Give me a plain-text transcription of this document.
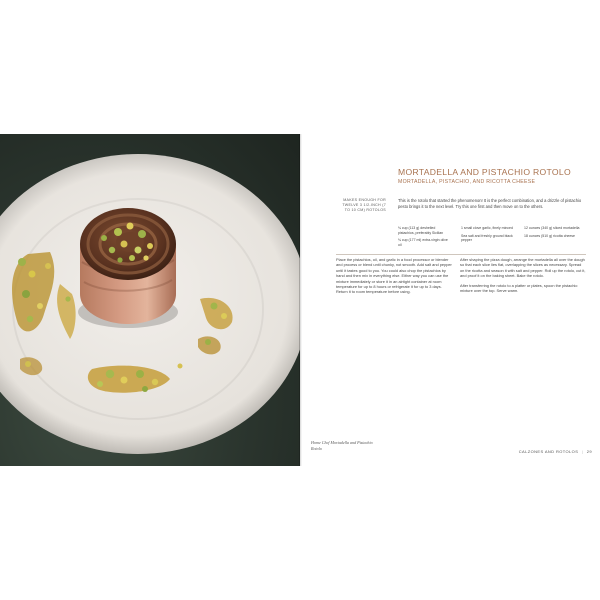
MORTADELLA AND PISTACHIO ROTOLO
MORTADELLA, PISTACHIO, AND RICOTTA CHEESE
MAKES ENOUGH FOR TWELVE 3 1/2-INCH (7 TO 10 CM) ROTOLOS
This is the rotolo that started the phenomenon! It is the perfect combination, and a drizzle of pistachio pesto brings it to the next level. Try this one first and then move on to the others.
¾ cup (113 g) deshelled pistachios, preferably Sicilian
¾ cup (177 ml) extra-virgin olive oil
1 small clove garlic, finely minced
Sea salt and freshly ground black pepper
12 ounces (340 g) sliced mortadella
18 ounces (510 g) ricotta cheese

Place the pistachios, oil, and garlic in a food processor or blender and process or blend until chunky, not smooth. Add salt and pepper until it tastes good to you. You could also chop the pistachios by hand and then mix in everything else. Either way you can use the mixture immediately or store it in an airtight container at room temperature for up to 8 hours or refrigerate it for up to 3 days. Return it to room temperature before using.

After shaping the pizza dough, arrange the mortadella all over the dough so that each slice lies flat, overlapping the slices as necessary. Spread on the ricotta and season it with salt and pepper. Roll up the rotolo, cut it, and proof it on the baking sheet. Bake the rotolo.

After transferring the rotolo to a platter or plates, spoon the pistachio mixture over the top. Serve warm.

Home Chef Mortadella and Pistachio Rotolo
CALZONES AND ROTOLOS | 29
